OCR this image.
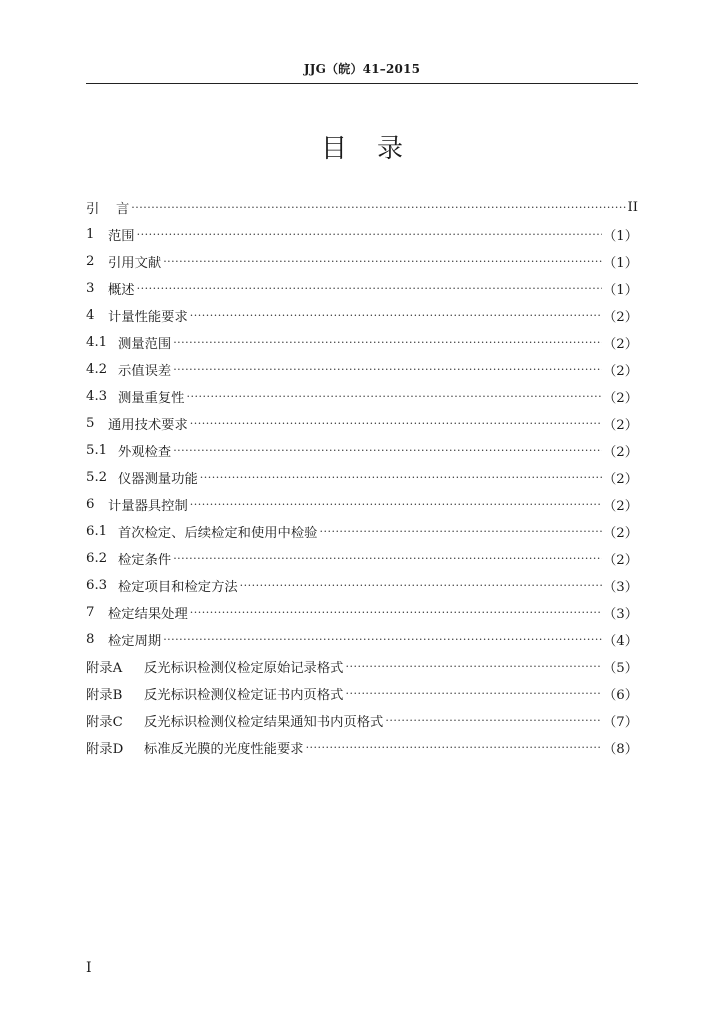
JJG（皖）41–2015
目录
引	言 ·····	II
1	范围 ·····	（1）
2	引用文献 ·····	（1）
3	概述 ·····	（1）
4	计量性能要求 ·····	（2）
4.1 测量范围 ·····	（2）
4.2 示值误差 ·····	（2）
4.3 测量重复性 ·····	（2）
5	通用技术要求 ·····	（2）
5.1 外观检查 ·····	（2）
5.2 仪器测量功能 ·····	（2）
6	计量器具控制 ·····	（2）
6.1 首次检定、后续检定和使用中检验 ·····	（2）
6.2 检定条件 ·····	（2）
6.3 检定项目和检定方法 ·····	（3）
7	检定结果处理 ·····	（3）
8	检定周期 ·····	（4）
附录A	反光标识检测仪检定原始记录格式 ·····	（5）
附录B	反光标识检测仪检定证书内页格式 ·····	（6）
附录C	反光标识检测仪检定结果通知书内页格式 ·····	（7）
附录D	标准反光膜的光度性能要求 ·····	（8）
I
